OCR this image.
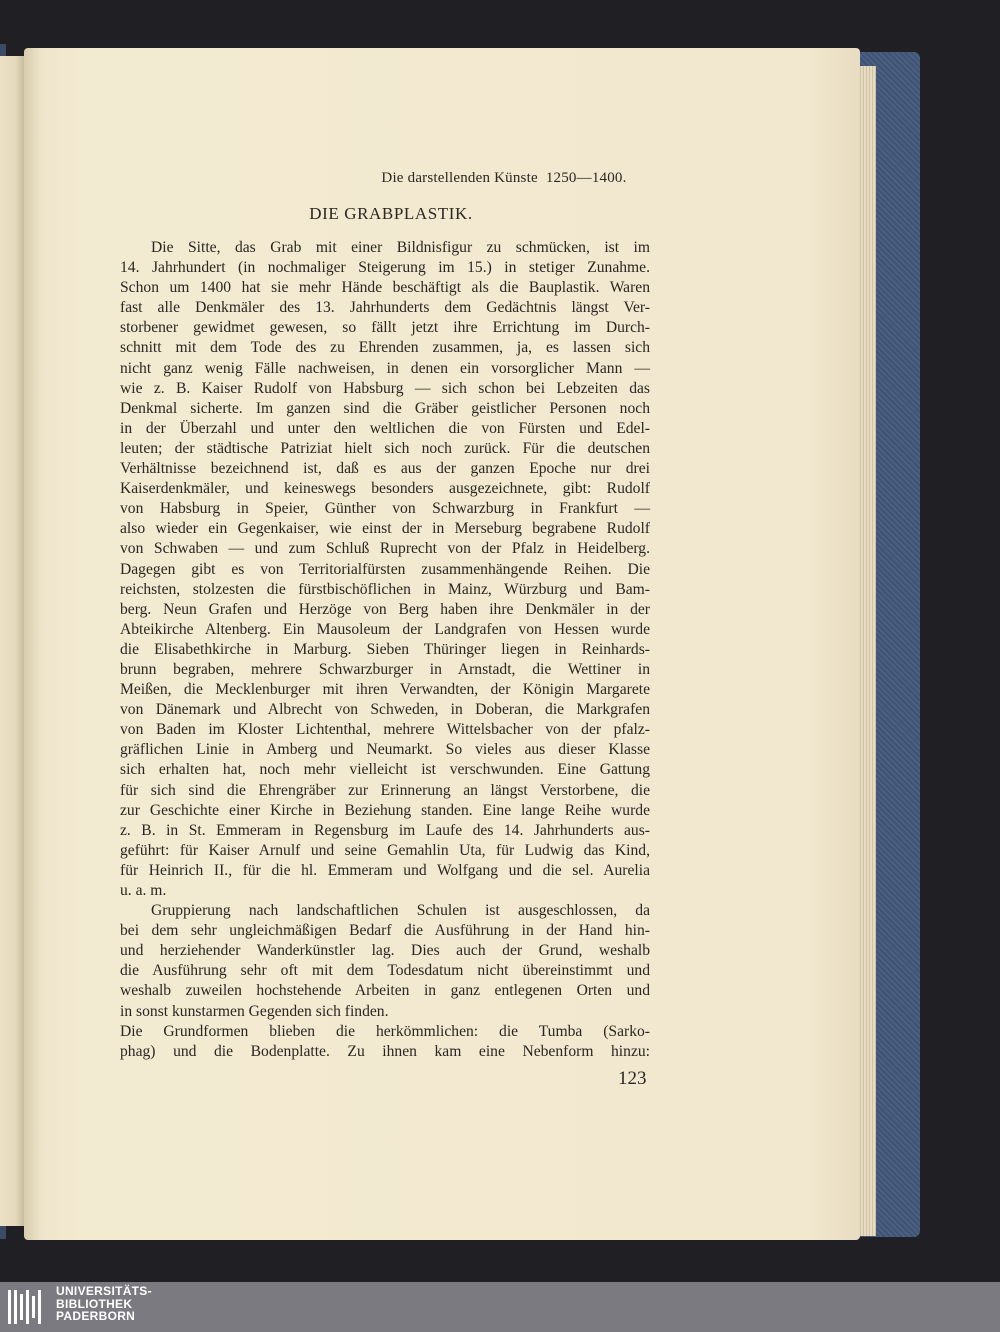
Die darstellenden Künste 1250—1400.
DIE GRABPLASTIK.
Die Sitte, das Grab mit einer Bildnisfigur zu schmücken, ist im
14. Jahrhundert (in nochmaliger Steigerung im 15.) in stetiger Zunahme.
Schon um 1400 hat sie mehr Hände beschäftigt als die Bauplastik. Waren
fast alle Denkmäler des 13. Jahrhunderts dem Gedächtnis längst Ver-
storbener gewidmet gewesen, so fällt jetzt ihre Errichtung im Durch-
schnitt mit dem Tode des zu Ehrenden zusammen, ja, es lassen sich
nicht ganz wenig Fälle nachweisen, in denen ein vorsorglicher Mann —
wie z. B. Kaiser Rudolf von Habsburg — sich schon bei Lebzeiten das
Denkmal sicherte. Im ganzen sind die Gräber geistlicher Personen noch
in der Überzahl und unter den weltlichen die von Fürsten und Edel-
leuten; der städtische Patriziat hielt sich noch zurück. Für die deutschen
Verhältnisse bezeichnend ist, daß es aus der ganzen Epoche nur drei
Kaiserdenkmäler, und keineswegs besonders ausgezeichnete, gibt: Rudolf
von Habsburg in Speier, Günther von Schwarzburg in Frankfurt —
also wieder ein Gegenkaiser, wie einst der in Merseburg begrabene Rudolf
von Schwaben — und zum Schluß Ruprecht von der Pfalz in Heidelberg.
Dagegen gibt es von Territorialfürsten zusammenhängende Reihen. Die
reichsten, stolzesten die fürstbischöflichen in Mainz, Würzburg und Bam-
berg. Neun Grafen und Herzöge von Berg haben ihre Denkmäler in der
Abteikirche Altenberg. Ein Mausoleum der Landgrafen von Hessen wurde
die Elisabethkirche in Marburg. Sieben Thüringer liegen in Reinhards-
brunn begraben, mehrere Schwarzburger in Arnstadt, die Wettiner in
Meißen, die Mecklenburger mit ihren Verwandten, der Königin Margarete
von Dänemark und Albrecht von Schweden, in Doberan, die Markgrafen
von Baden im Kloster Lichtenthal, mehrere Wittelsbacher von der pfalz-
gräflichen Linie in Amberg und Neumarkt. So vieles aus dieser Klasse
sich erhalten hat, noch mehr vielleicht ist verschwunden. Eine Gattung
für sich sind die Ehrengräber zur Erinnerung an längst Verstorbene, die
zur Geschichte einer Kirche in Beziehung standen. Eine lange Reihe wurde
z. B. in St. Emmeram in Regensburg im Laufe des 14. Jahrhunderts aus-
geführt: für Kaiser Arnulf und seine Gemahlin Uta, für Ludwig das Kind,
für Heinrich II., für die hl. Emmeram und Wolfgang und die sel. Aurelia
u. a. m.
Gruppierung nach landschaftlichen Schulen ist ausgeschlossen, da
bei dem sehr ungleichmäßigen Bedarf die Ausführung in der Hand hin-
und herziehender Wanderkünstler lag. Dies auch der Grund, weshalb
die Ausführung sehr oft mit dem Todesdatum nicht übereinstimmt und
weshalb zuweilen hochstehende Arbeiten in ganz entlegenen Orten und
in sonst kunstarmen Gegenden sich finden.
Die Grundformen blieben die herkömmlichen: die Tumba (Sarko-
phag) und die Bodenplatte. Zu ihnen kam eine Nebenform hinzu:
123
UNIVERSITÄTS-
BIBLIOTHEK
PADERBORN
